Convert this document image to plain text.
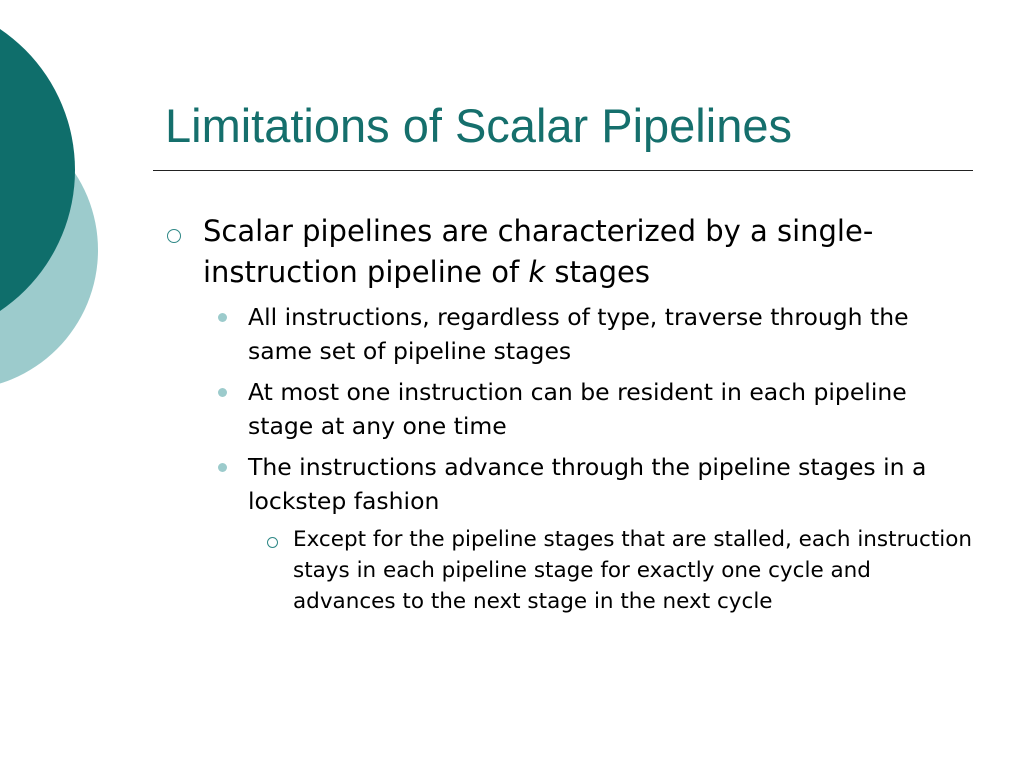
Limitations of Scalar Pipelines
Scalar pipelines are characterized by a single-instruction pipeline of k stages
All instructions, regardless of type, traverse through the same set of pipeline stages
At most one instruction can be resident in each pipeline stage at any one time
The instructions advance through the pipeline stages in a lockstep fashion
Except for the pipeline stages that are stalled, each instruction stays in each pipeline stage for exactly one cycle and advances to the next stage in the next cycle
